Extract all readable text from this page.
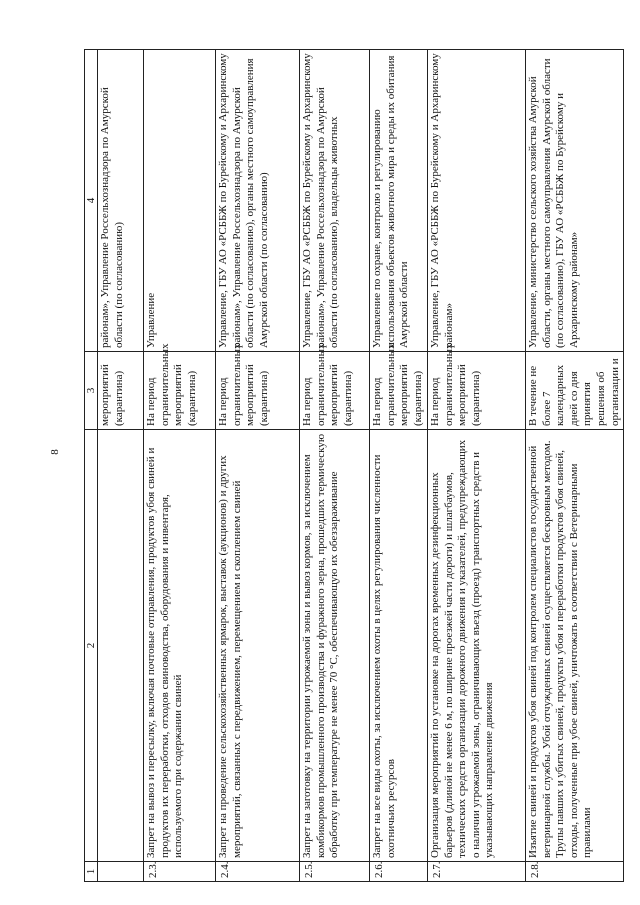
8
1	2	3	4
		мероприятий (карантина)	районам», Управление Россельхознадзора по Амурской области (по согласованию)
2.3.	Запрет на вывоз и пересылку, включая почтовые отправления, продуктов убоя свиней и продуктов их переработки, отходов свиноводства, оборудования и инвентаря, используемого при содержании свиней	На период ограничительных мероприятий (карантина)	Управление
2.4.	Запрет на проведение сельскохозяйственных ярмарок, выставок (аукционов) и других мероприятий, связанных с передвижением, перемещением и скоплением свиней	На период ограничительных мероприятий (карантина)	Управление, ГБУ АО «РСББЖ по Бурейскому и Архаринскому районам», Управление Россельхознадзора по Амурской области (по согласованию), органы местного самоуправления Амурской области (по согласованию)
2.5.	Запрет на заготовку на территории угрожаемой зоны и вывоз кормов, за исключением комбикормов промышленного производства и фуражного зерна, прошедших термическую обработку при температуре не менее 70 °С, обеспечивающую их обеззараживание	На период ограничительных мероприятий (карантина)	Управление, ГБУ АО «РСББЖ по Бурейскому и Архаринскому районам», Управление Россельхознадзора по Амурской области (по согласованию), владельцы животных
2.6.	Запрет на все виды охоты, за исключением охоты в целях регулирования численности охотничьих ресурсов	На период ограничительных мероприятий (карантина)	Управление по охране, контролю и регулированию использования объектов животного мира и среды их обитания Амурской области
2.7.	Организация мероприятий по установке на дорогах временных дезинфекционных барьеров (длиной не менее 6 м, по ширине проезжей части дороги) и шлагбаумов, технических средств организации дорожного движения и указателей, предупреждающих о наличии угрожаемой зоны, ограничивающих въезд (проезд) транспортных средств и указывающих направление движения	На период ограничительных мероприятий (карантина)	Управление, ГБУ АО «РСББЖ по Бурейскому и Архаринскому районам»
2.8.	Изъятие свиней и продуктов убоя свиней под контролем специалистов государственной ветеринарной службы. Убой отчужденных свиней осуществляется бескровным методом. Трупы павших и убитых свиней, продукты убоя и переработки продуктов убоя свиней, отходы, полученные при убое свиней, уничтожать в соответствии с Ветеринарными правилами	В течение не более 7 календарных дней со дня принятия решения об организации и	Управление, министерство сельского хозяйства Амурской области, органы местного самоуправления Амурской области (по согласованию), ГБУ АО «РСББЖ по Бурейскому и Архаринскому районам»
